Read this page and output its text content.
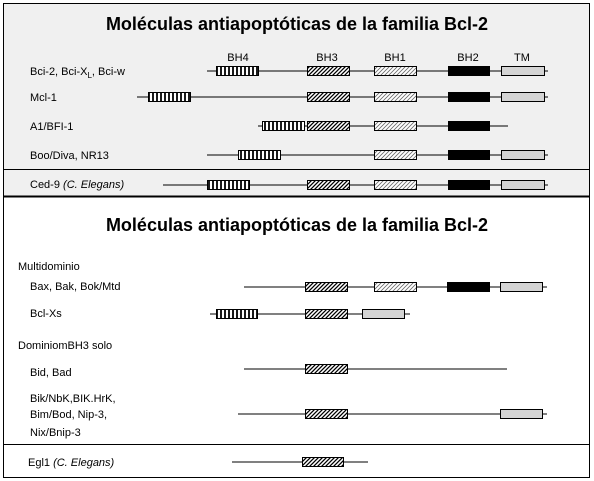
Moléculas antiapoptóticas de la familia Bcl-2
BH4	BH3	BH1	BH2	TM
Bci-2, Bci-$X_L$, Bci-w
Mcl-1
A1/BFI-1
Boo/Diva, NR13
Ced-9 (C. Elegans)
Moléculas antiapoptóticas de la familia Bcl-2
Multidominio
Bax, Bak, Bok/Mtd
Bcl-Xs
DominiomBH3 solo
Bid, Bad
Bik/NbK,BIK.HrK,
Bim/Bod, Nip-3,
Nix/Bnip-3
Egl1 (C. Elegans)
